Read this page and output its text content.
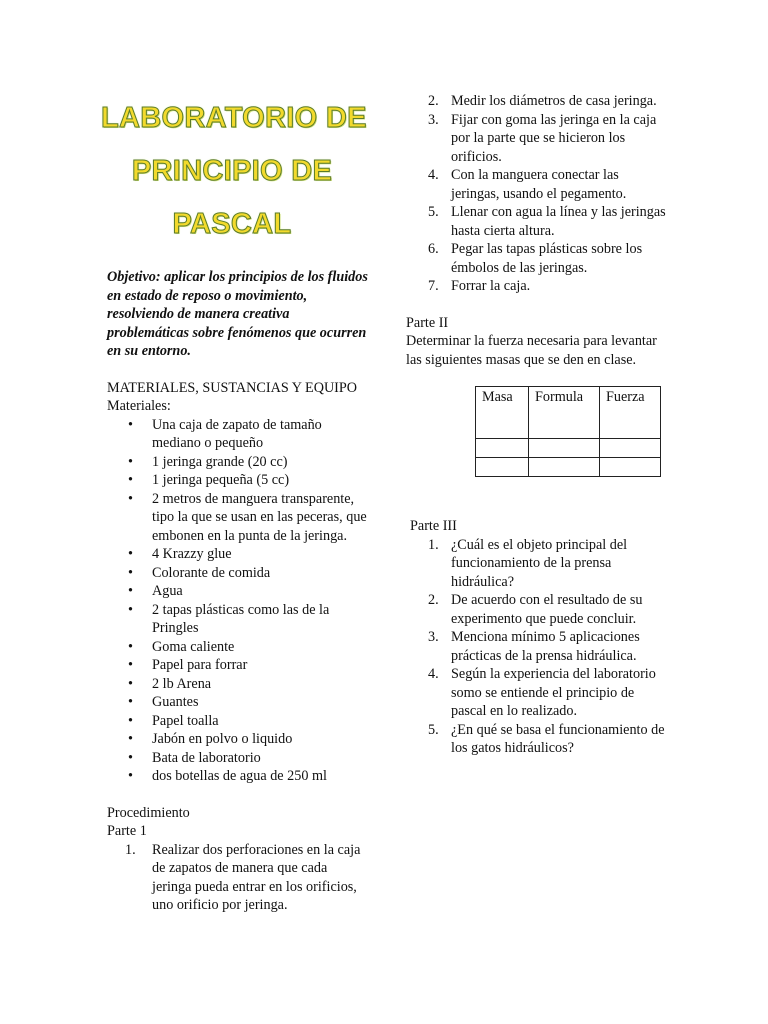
LABORATORIO DE
PRINCIPIO DE
PASCAL
Objetivo: aplicar los principios de los fluidos en estado de reposo o movimiento, resolviendo de manera creativa problemáticas sobre fenómenos que ocurren en su entorno.
MATERIALES, SUSTANCIAS Y EQUIPO
Materiales:
• Una caja de zapato de tamaño mediano o pequeño
• 1 jeringa grande (20 cc)
• 1 jeringa pequeña (5 cc)
• 2 metros de manguera transparente, tipo la que se usan en las peceras, que embonen en la punta de la jeringa.
• 4 Krazzy glue
• Colorante de comida
• Agua
• 2 tapas plásticas como las de la Pringles
• Goma caliente
• Papel para forrar
• 2 lb Arena
• Guantes
• Papel toalla
• Jabón en polvo o liquido
• Bata de laboratorio
• dos botellas de agua de 250 ml
Procedimiento
Parte 1
1. Realizar dos perforaciones en la caja de zapatos de manera que cada jeringa pueda entrar en los orificios, uno orificio por jeringa.
2. Medir los diámetros de casa jeringa.
3. Fijar con goma las jeringa en la caja por la parte que se hicieron los orificios.
4. Con la manguera conectar las jeringas, usando el pegamento.
5. Llenar con agua la línea y las jeringas hasta cierta altura.
6. Pegar las tapas plásticas sobre los émbolos de las jeringas.
7. Forrar la caja.
Parte II
Determinar la fuerza necesaria para levantar las siguientes masas que se den en clase.
Masa	Formula	Fuerza

Parte III
1. ¿Cuál es el objeto principal del funcionamiento de la prensa hidráulica?
2. De acuerdo con el resultado de su experimento que puede concluir.
3. Menciona mínimo 5 aplicaciones prácticas de la prensa hidráulica.
4. Según la experiencia del laboratorio somo se entiende el principio de pascal en lo realizado.
5. ¿En qué se basa el funcionamiento de los gatos hidráulicos?
